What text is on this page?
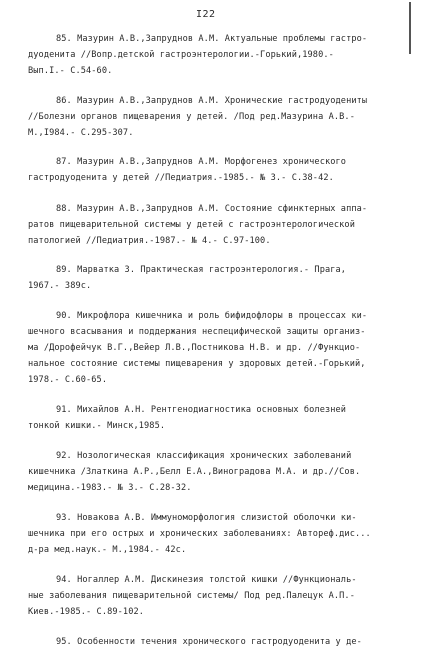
I22
85. Мазурин А.В.,Запруднов А.М. Актуальные проблемы гастро-
дуоденита //Вопр.детской гастроэнтерологии.-Горький,1980.-
Вып.I.- С.54-60.
86. Мазурин А.В.,Запруднов А.М. Хронические гастродуодениты
//Болезни органов пищеварения у детей. /Под ред.Мазурина А.В.-
М.,I984.- С.295-307.
87. Мазурин А.В.,Запруднов А.М. Морфогенез хронического
гастродуоденита у детей //Педиатрия.-1985.- № 3.- С.38-42.
88. Мазурин А.В.,Запруднов А.М. Состояние сфинктерных аппа-
ратов пищеварительной системы у детей с гастроэнтерологической
патологией //Педиатрия.-1987.- № 4.- С.97-100.
89. Марватка З. Практическая гастроэнтерология.- Прага,
1967.- 389с.
90. Микрофлора кишечника и роль бифидофлоры в процессах ки-
шечного всасывания и поддержания неспецифической защиты организ-
ма /Дорофейчук В.Г.,Вейер Л.В.,Постникова Н.В. и др. //Функцио-
нальное состояние системы пищеварения у здоровых детей.-Горький,
1978.- С.60-65.
91. Михайлов А.Н. Рентгенодиагностика основных болезней
тонкой кишки.- Минск,1985.
92. Нозологическая классификация хронических заболеваний
кишечника /Златкина А.Р.,Белл Е.А.,Виноградова М.А. и др.//Сов.
медицина.-1983.- № 3.- С.28-32.
93. Новакова А.В. Иммуноморфология слизистой оболочки ки-
шечника при его острых и хронических заболеваниях: Автореф.дис...
д-ра мед.наук.- М.,1984.- 42с.
94. Ногаллер А.М. Дискинезия толстой кишки //Функциональ-
ные заболевания пищеварительной системы/ Под ред.Палецук А.П.-
Киев.-1985.- С.89-102.
95. Особенности течения хронического гастродуоденита у де-
